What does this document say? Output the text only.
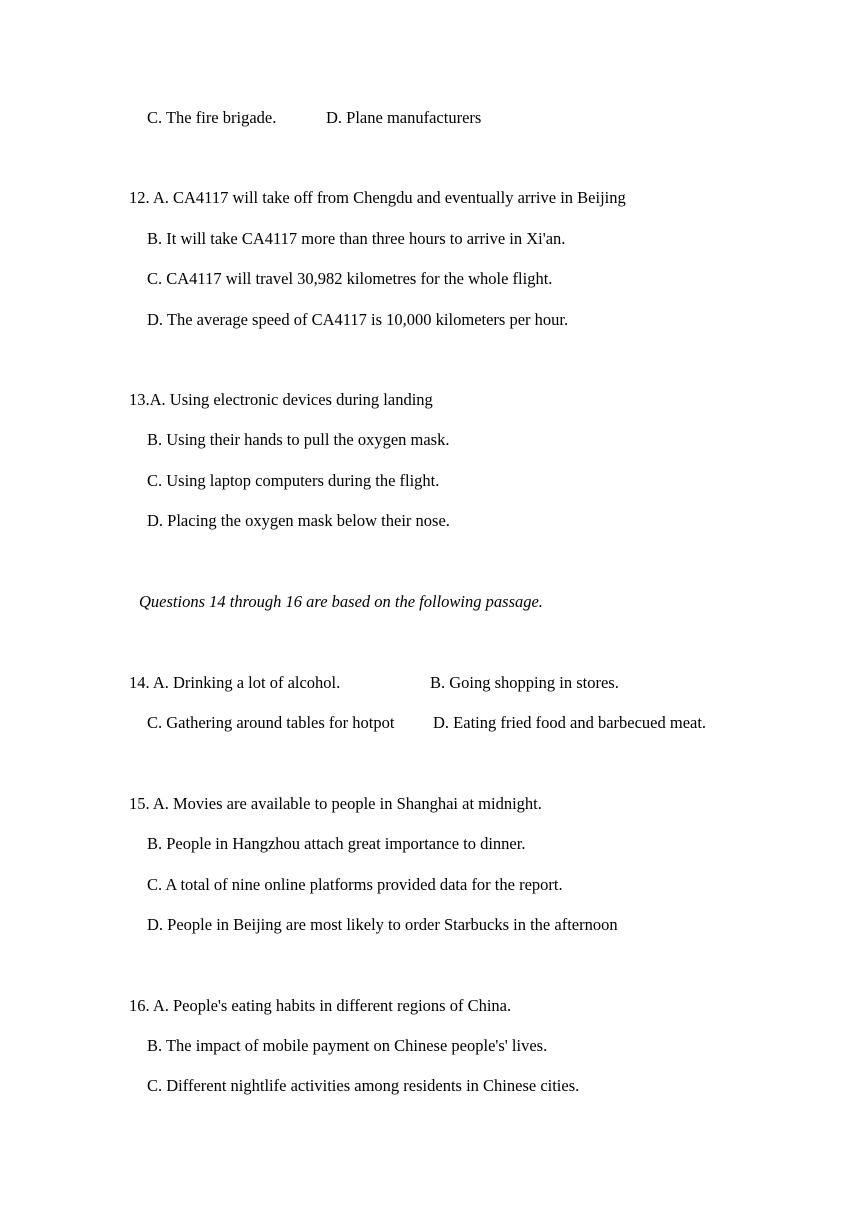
C. The fire brigade.	D. Plane manufacturers
12. A. CA4117 will take off from Chengdu and eventually arrive in Beijing
B. It will take CA4117 more than three hours to arrive in Xi'an.
C. CA4117 will travel 30,982 kilometres for the whole flight.
D. The average speed of CA4117 is 10,000 kilometers per hour.
13.A. Using electronic devices during landing
B. Using their hands to pull the oxygen mask.
C. Using laptop computers during the flight.
D. Placing the oxygen mask below their nose.
Questions 14 through 16 are based on the following passage.
14. A. Drinking a lot of alcohol.	B. Going shopping in stores.
C. Gathering around tables for hotpot D. Eating fried food and barbecued meat.
15. A. Movies are available to people in Shanghai at midnight.
B. People in Hangzhou attach great importance to dinner.
C. A total of nine online platforms provided data for the report.
D. People in Beijing are most likely to order Starbucks in the afternoon
16. A. People's eating habits in different regions of China.
B. The impact of mobile payment on Chinese people's' lives.
C. Different nightlife activities among residents in Chinese cities.
